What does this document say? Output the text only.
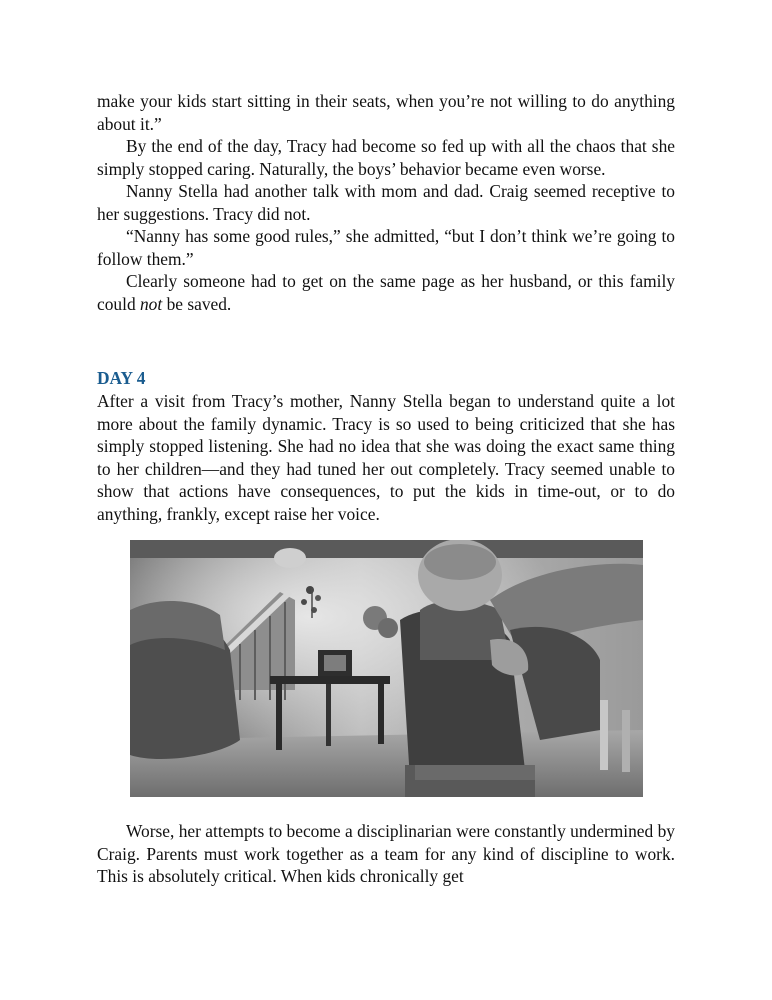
make your kids start sitting in their seats, when you’re not willing to do anything about it.”

By the end of the day, Tracy had become so fed up with all the chaos that she simply stopped caring. Naturally, the boys’ behavior became even worse.

Nanny Stella had another talk with mom and dad. Craig seemed receptive to her suggestions. Tracy did not.

“Nanny has some good rules,” she admitted, “but I don’t think we’re going to follow them.”

Clearly someone had to get on the same page as her husband, or this family could not be saved.

DAY 4

After a visit from Tracy’s mother, Nanny Stella began to understand quite a lot more about the family dynamic. Tracy is so used to being criticized that she has simply stopped listening. She had no idea that she was doing the exact same thing to her children—and they had tuned her out completely. Tracy seemed unable to show that actions have consequences, to put the kids in time-out, or to do anything, frankly, except raise her voice.

Worse, her attempts to become a disciplinarian were constantly undermined by Craig. Parents must work together as a team for any kind of discipline to work. This is absolutely critical. When kids chronically get
